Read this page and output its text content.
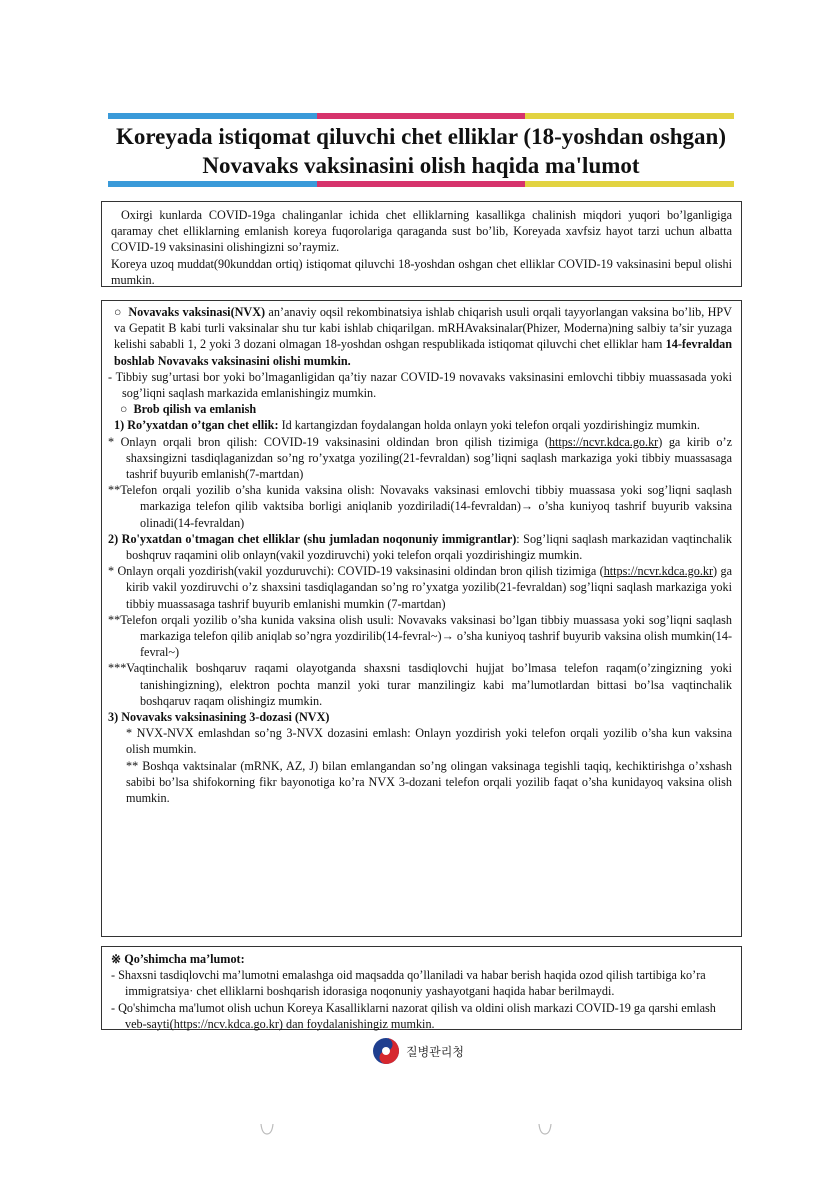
Koreyada istiqomat qiluvchi chet elliklar (18-yoshdan oshgan)
Novavaks vaksinasini olish haqida ma'lumot

Oxirgi kunlarda COVID-19ga chalinganlar ichida chet elliklarning kasallikga chalinish miqdori yuqori bo’lganligiga qaramay chet elliklarning emlanish koreya fuqorolariga qaraganda sust bo’lib, Koreyada xavfsiz hayot tarzi uchun albatta COVID-19 vaksinasini olishingizni so’raymiz.

Koreya uzoq muddat(90kunddan ortiq) istiqomat qiluvchi 18-yoshdan oshgan chet elliklar COVID-19 vaksinasini bepul olishi mumkin.

○ Novavaks vaksinasi(NVX) an’anaviy oqsil rekombinatsiya ishlab chiqarish usuli orqali tayyorlangan vaksina bo’lib, HPV va Gepatit B kabi turli vaksinalar shu tur kabi ishlab chiqarilgan. mRHAvaksinalar(Phizer, Moderna)ning salbiy ta’sir yuzaga kelishi sababli 1, 2 yoki 3 dozani olmagan 18-yoshdan oshgan respublikada istiqomat qiluvchi chet elliklar ham 14-fevraldan boshlab Novavaks vaksinasini olishi mumkin.

- Tibbiy sug’urtasi bor yoki bo’lmaganligidan qa’tiy nazar COVID-19 novavaks vaksinasini emlovchi tibbiy muassasada yoki sog’liqni saqlash markazida emlanishingiz mumkin.

○ Brob qilish va emlanish

1) Ro’yxatdan o’tgan chet ellik: Id kartangizdan foydalangan holda onlayn yoki telefon orqali yozdirishingiz mumkin.

* Onlayn orqali bron qilish: COVID-19 vaksinasini oldindan bron qilish tizimiga (https://ncvr.kdca.go.kr) ga kirib o’z shaxsingizni tasdiqlaganizdan so’ng ro’yxatga yoziling(21-fevraldan) sog’liqni saqlash markaziga yoki tibbiy muassasaga tashrif buyurib emlanish(7-martdan)

**Telefon orqali yozilib o’sha kunida vaksina olish: Novavaks vaksinasi emlovchi tibbiy muassasa yoki sog’liqni saqlash markaziga telefon qilib vaktsiba borligi aniqlanib yozdiriladi(14-fevraldan)→ o’sha kuniyoq tashrif buyurib vaksina olinadi(14-fevraldan)

2) Ro'yxatdan o'tmagan chet elliklar (shu jumladan noqonuniy immigrantlar): Sog’liqni saqlash markazidan vaqtinchalik boshqruv raqamini olib onlayn(vakil yozdiruvchi) yoki telefon orqali yozdirishingiz mumkin.

* Onlayn orqali yozdirish(vakil yozduruvchi): COVID-19 vaksinasini oldindan bron qilish tizimiga (https://ncvr.kdca.go.kr) ga kirib vakil yozdiruvchi o’z shaxsini tasdiqlagandan so’ng ro’yxatga yozilib(21-fevraldan) sog’liqni saqlash markaziga yoki tibbiy muassasaga tashrif buyurib emlanishi mumkin (7-martdan)

**Telefon orqali yozilib o’sha kunida vaksina olish usuli: Novavaks vaksinasi bo’lgan tibbiy muassasa yoki sog’liqni saqlash markaziga telefon qilib aniqlab so’ngra yozdirilib(14-fevral~)→ o’sha kuniyoq tashrif buyurib vaksina olish mumkin(14-fevral~)

***Vaqtinchalik boshqaruv raqami olayotganda shaxsni tasdiqlovchi hujjat bo’lmasa telefon raqam(o’zingizning yoki tanishingizning), elektron pochta manzil yoki turar manzilingiz kabi ma’lumotlardan bittasi bo’lsa vaqtinchalik boshqaruv raqam olishingiz mumkin.

3) Novavaks vaksinasining 3-dozasi (NVX)

* NVX-NVX emlashdan so’ng 3-NVX dozasini emlash: Onlayn yozdirish yoki telefon orqali yozilib o’sha kun vaksina olish mumkin.

** Boshqa vaktsinalar (mRNK, AZ, J) bilan emlangandan so’ng olingan vaksinaga tegishli taqiq, kechiktirishga o’xshash sabibi bo’lsa shifokorning fikr bayonotiga ko’ra NVX 3-dozani telefon orqali yozilib faqat o’sha kunidayoq vaksina olish mumkin.

※ Qo’shimcha ma’lumot:

- Shaxsni tasdiqlovchi ma’lumotni emalashga oid maqsadda qo’llaniladi va habar berish haqida ozod qilish tartibiga ko’ra immigratsiya· chet elliklarni boshqarish idorasiga noqonuniy yashayotgani haqida habar berilmaydi.

- Qo'shimcha ma'lumot olish uchun Koreya Kasalliklarni nazorat qilish va oldini olish markazi COVID-19 ga qarshi emlash veb-sayti(https://ncv.kdca.go.kr) dan foydalanishingiz mumkin.

질병관리청
